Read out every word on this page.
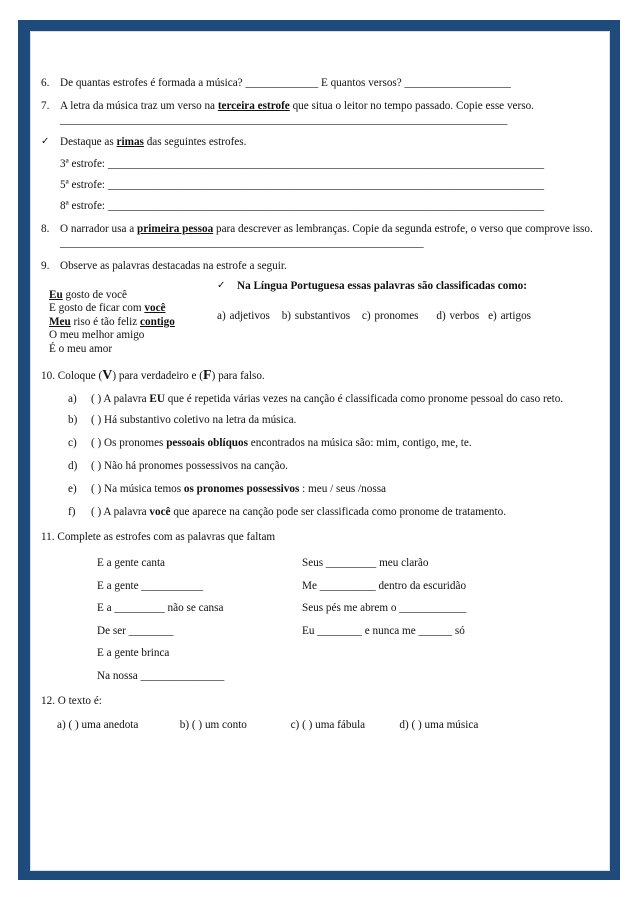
6. De quantas estrofes é formada a música? _____________ E quantos versos? ___________________
7. A letra da música traz um verso na terceira estrofe que situa o leitor no tempo passado. Copie esse verso. ________________________________________________________________________________
✓ Destaque as rimas das seguintes estrofes.
3ª estrofe: ______________________________________________________________________________
5ª estrofe: ______________________________________________________________________________
8ª estrofe: ______________________________________________________________________________
8. O narrador usa a primeira pessoa para descrever as lembranças. Copie da segunda estrofe, o verso que comprove isso. _________________________________________________________________
9. Observe as palavras destacadas na estrofe a seguir.
Eu gosto de você
E gosto de ficar com você
Meu riso é tão feliz contigo
O meu melhor amigo
É o meu amor
✓ Na Língua Portuguesa essas palavras são classificadas como:
a) adjetivos b) substantivos c) pronomes d) verbos e) artigos
10. Coloque (V) para verdadeiro e (F) para falso.
a) ( ) A palavra EU que é repetida várias vezes na canção é classificada como pronome pessoal do caso reto.
b) ( ) Há substantivo coletivo na letra da música.
c) ( ) Os pronomes pessoais oblíquos encontrados na música são: mim, contigo, me, te.
d) ( ) Não há pronomes possessivos na canção.
e) ( ) Na música temos os pronomes possessivos : meu / seus /nossa
f) ( ) A palavra você que aparece na canção pode ser classificada como pronome de tratamento.
11. Complete as estrofes com as palavras que faltam
E a gente canta
E a gente ___________
E a _________ não se cansa
De ser ________
E a gente brinca
Na nossa _______________
Seus _________ meu clarão
Me __________ dentro da escuridão
Seus pés me abrem o ____________
Eu ________ e nunca me ______ só
12. O texto é:
a) ( ) uma anedota	b) ( ) um conto	c) ( ) uma fábula	d) ( ) uma música
